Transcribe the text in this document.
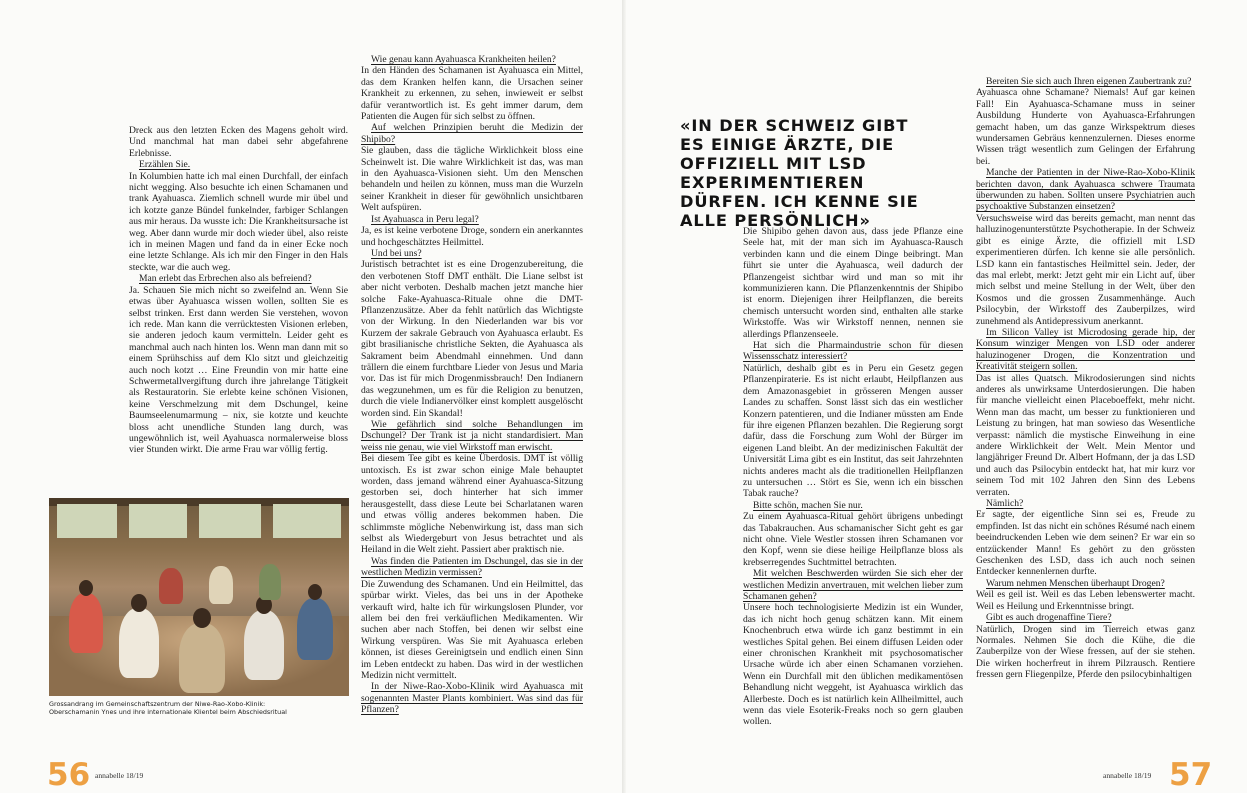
Dreck aus den letzten Ecken des Magens geholt wird. Und manchmal hat man dabei sehr abgefahrene Erlebnisse.

Erzählen Sie.

In Kolumbien hatte ich mal einen Durchfall, der einfach nicht wegging. Also besuchte ich einen Schamanen und trank Ayahuasca. Ziemlich schnell wurde mir übel und ich kotzte ganze Bündel funkelnder, farbiger Schlangen aus mir heraus. Da wusste ich: Die Krankheitsursache ist weg. Aber dann wurde mir doch wieder übel, also reiste ich in meinen Magen und fand da in einer Ecke noch eine letzte Schlange. Als ich mir den Finger in den Hals steckte, war die auch weg.

Man erlebt das Erbrechen also als befreiend?

Ja. Schauen Sie mich nicht so zweifelnd an. Wenn Sie etwas über Ayahuasca wissen wollen, sollten Sie es selbst trinken. Erst dann werden Sie verstehen, wovon ich rede. Man kann die verrücktesten Visionen erleben, sie anderen jedoch kaum vermitteln. Leider geht es manchmal auch nach hinten los. Wenn man dann mit so einem Sprühschiss auf dem Klo sitzt und gleichzeitig auch noch kotzt … Eine Freundin von mir hatte eine Schwermetallvergiftung durch ihre jahrelange Tätigkeit als Restauratorin. Sie erlebte keine schönen Visionen, keine Verschmelzung mit dem Dschungel, keine Baumseelenumarmung – nix, sie kotzte und keuchte bloss acht unendliche Stunden lang durch, was ungewöhnlich ist, weil Ayahuasca normalerweise bloss vier Stunden wirkt. Die arme Frau war völlig fertig.

Grossandrang im Gemeinschaftszentrum der Niwe-Rao-Xobo-Klinik:

Oberschamanin Ynes und ihre internationale Klientel beim Abschiedsritual

Wie genau kann Ayahuasca Krankheiten heilen?

In den Händen des Schamanen ist Ayahuasca ein Mittel, das dem Kranken helfen kann, die Ursachen seiner Krankheit zu erkennen, zu sehen, inwieweit er selbst dafür verantwortlich ist. Es geht immer darum, dem Patienten die Augen für sich selbst zu öffnen.

Auf welchen Prinzipien beruht die Medizin der Shipibo?

Sie glauben, dass die tägliche Wirklichkeit bloss eine Scheinwelt ist. Die wahre Wirklichkeit ist das, was man in den Ayahuasca-Visionen sieht. Um den Menschen behandeln und heilen zu können, muss man die Wurzeln seiner Krankheit in dieser für gewöhnlich unsichtbaren Welt aufspüren.

Ist Ayahuasca in Peru legal?

Ja, es ist keine verbotene Droge, sondern ein anerkanntes und hochgeschätztes Heilmittel.

Und bei uns?

Juristisch betrachtet ist es eine Drogenzubereitung, die den verbotenen Stoff DMT enthält. Die Liane selbst ist aber nicht verboten. Deshalb machen jetzt manche hier solche Fake-Ayahuasca-Rituale ohne die DMT-Pflanzenzusätze. Aber da fehlt natürlich das Wichtigste von der Wirkung. In den Niederlanden war bis vor Kurzem der sakrale Gebrauch von Ayahuasca erlaubt. Es gibt brasilianische christliche Sekten, die Ayahuasca als Sakrament beim Abendmahl einnehmen. Und dann trällern die einem furchtbare Lieder von Jesus und Maria vor. Das ist für mich Drogenmissbrauch! Den Indianern das wegzunehmen, um es für die Religion zu benutzen, durch die viele Indianervölker einst komplett ausgelöscht worden sind. Ein Skandal!

Wie gefährlich sind solche Behandlungen im Dschungel? Der Trank ist ja nicht standardisiert. Man weiss nie genau, wie viel Wirkstoff man erwischt.

Bei diesem Tee gibt es keine Überdosis. DMT ist völlig untoxisch. Es ist zwar schon einige Male behauptet worden, dass jemand während einer Ayahuasca-Sitzung gestorben sei, doch hinterher hat sich immer herausgestellt, dass diese Leute bei Scharlatanen waren und etwas völlig anderes bekommen haben. Die schlimmste mögliche Nebenwirkung ist, dass man sich selbst als Wiedergeburt von Jesus betrachtet und als Heiland in die Welt zieht. Passiert aber praktisch nie.

Was finden die Patienten im Dschungel, das sie in der westlichen Medizin vermissen?

Die Zuwendung des Schamanen. Und ein Heilmittel, das spürbar wirkt. Vieles, das bei uns in der Apotheke verkauft wird, halte ich für wirkungslosen Plunder, vor allem bei den frei verkäuflichen Medikamenten. Wir suchen aber nach Stoffen, bei denen wir selbst eine Wirkung verspüren. Was Sie mit Ayahuasca erleben können, ist dieses Gereinigtsein und endlich einen Sinn im Leben entdeckt zu haben. Das wird in der westlichen Medizin nicht vermittelt.

In der Niwe-Rao-Xobo-Klinik wird Ayahuasca mit sogenannten Master Plants kombiniert. Was sind das für Pflanzen?

56 annabelle 18/19

«IN DER SCHWEIZ GIBT ES EINIGE ÄRZTE, DIE OFFIZIELL MIT LSD EXPERIMENTIEREN DÜRFEN. ICH KENNE SIE ALLE PERSÖNLICH»

Die Shipibo gehen davon aus, dass jede Pflanze eine Seele hat, mit der man sich im Ayahuasca-Rausch verbinden kann und die einem Dinge beibringt. Man führt sie unter die Ayahuasca, weil dadurch der Pflanzengeist sichtbar wird und man so mit ihr kommunizieren kann. Die Pflanzenkenntnis der Shipibo ist enorm. Diejenigen ihrer Heilpflanzen, die bereits chemisch untersucht worden sind, enthalten alle starke Wirkstoffe. Was wir Wirkstoff nennen, nennen sie allerdings Pflanzenseele.

Hat sich die Pharmaindustrie schon für diesen Wissensschatz interessiert?

Natürlich, deshalb gibt es in Peru ein Gesetz gegen Pflanzenpiraterie. Es ist nicht erlaubt, Heilpflanzen aus dem Amazonasgebiet in grösseren Mengen ausser Landes zu schaffen. Sonst lässt sich das ein westlicher Konzern patentieren, und die Indianer müssten am Ende für ihre eigenen Pflanzen bezahlen. Die Regierung sorgt dafür, dass die Forschung zum Wohl der Bürger im eigenen Land bleibt. An der medizinischen Fakultät der Universität Lima gibt es ein Institut, das seit Jahrzehnten nichts anderes macht als die traditionellen Heilpflanzen zu untersuchen … Stört es Sie, wenn ich ein bisschen Tabak rauche?

Bitte schön, machen Sie nur.

Zu einem Ayahuasca-Ritual gehört übrigens unbedingt das Tabakrauchen. Aus schamanischer Sicht geht es gar nicht ohne. Viele Westler stossen ihren Schamanen vor den Kopf, wenn sie diese heilige Heilpflanze bloss als krebserregendes Suchtmittel betrachten.

Mit welchen Beschwerden würden Sie sich eher der westlichen Medizin anvertrauen, mit welchen lieber zum Schamanen gehen?

Unsere hoch technologisierte Medizin ist ein Wunder, das ich nicht hoch genug schätzen kann. Mit einem Knochenbruch etwa würde ich ganz bestimmt in ein westliches Spital gehen. Bei einem diffusen Leiden oder einer chronischen Krankheit mit psychosomatischer Ursache würde ich aber einen Schamanen vorziehen. Wenn ein Durchfall mit den üblichen medikamentösen Behandlung nicht weggeht, ist Ayahuasca wirklich das Allerbeste. Doch es ist natürlich kein Allheilmittel, auch wenn das viele Esoterik-Freaks noch so gern glauben wollen.

Bereiten Sie sich auch Ihren eigenen Zaubertrank zu?

Ayahuasca ohne Schamane? Niemals! Auf gar keinen Fall! Ein Ayahuasca-Schamane muss in seiner Ausbildung Hunderte von Ayahuasca-Erfahrungen gemacht haben, um das ganze Wirkspektrum dieses wundersamen Gebräus kennenzulernen. Dieses enorme Wissen trägt wesentlich zum Gelingen der Erfahrung bei.

Manche der Patienten in der Niwe-Rao-Xobo-Klinik berichten davon, dank Ayahuasca schwere Traumata überwunden zu haben. Sollten unsere Psychiatrien auch psychoaktive Substanzen einsetzen?

Versuchsweise wird das bereits gemacht, man nennt das halluzinogenunterstützte Psychotherapie. In der Schweiz gibt es einige Ärzte, die offiziell mit LSD experimentieren dürfen. Ich kenne sie alle persönlich. LSD kann ein fantastisches Heilmittel sein. Jeder, der das mal erlebt, merkt: Jetzt geht mir ein Licht auf, über mich selbst und meine Stellung in der Welt, über den Kosmos und die grossen Zusammenhänge. Auch Psilocybin, der Wirkstoff des Zauberpilzes, wird zunehmend als Antidepressivum anerkannt.

Im Silicon Valley ist Microdosing gerade hip, der Konsum winziger Mengen von LSD oder anderer haluzinogener Drogen, die Konzentration und Kreativität steigern sollen.

Das ist alles Quatsch. Mikrodosierungen sind nichts anderes als unwirksame Unterdosierungen. Die haben für manche vielleicht einen Placeboeffekt, mehr nicht. Wenn man das macht, um besser zu funktionieren und Leistung zu bringen, hat man sowieso das Wesentliche verpasst: nämlich die mystische Einweihung in eine andere Wirklichkeit der Welt. Mein Mentor und langjähriger Freund Dr. Albert Hofmann, der ja das LSD und auch das Psilocybin entdeckt hat, hat mir kurz vor seinem Tod mit 102 Jahren den Sinn des Lebens verraten.

Nämlich?

Er sagte, der eigentliche Sinn sei es, Freude zu empfinden. Ist das nicht ein schönes Résumé nach einem beeindruckenden Leben wie dem seinen? Er war ein so entzückender Mann! Es gehört zu den grössten Geschenken des LSD, dass ich auch noch seinen Entdecker kennenlernen durfte.

Warum nehmen Menschen überhaupt Drogen?

Weil es geil ist. Weil es das Leben lebenswerter macht. Weil es Heilung und Erkenntnisse bringt.

Gibt es auch drogenaffine Tiere?

Natürlich, Drogen sind im Tierreich etwas ganz Normales. Nehmen Sie doch die Kühe, die die Zauberpilze von der Wiese fressen, auf der sie stehen. Die wirken hocherfreut in ihrem Pilzrausch. Rentiere fressen gern Fliegenpilze, Pferde den psilocybinhaltigen

annabelle 18/19 57
